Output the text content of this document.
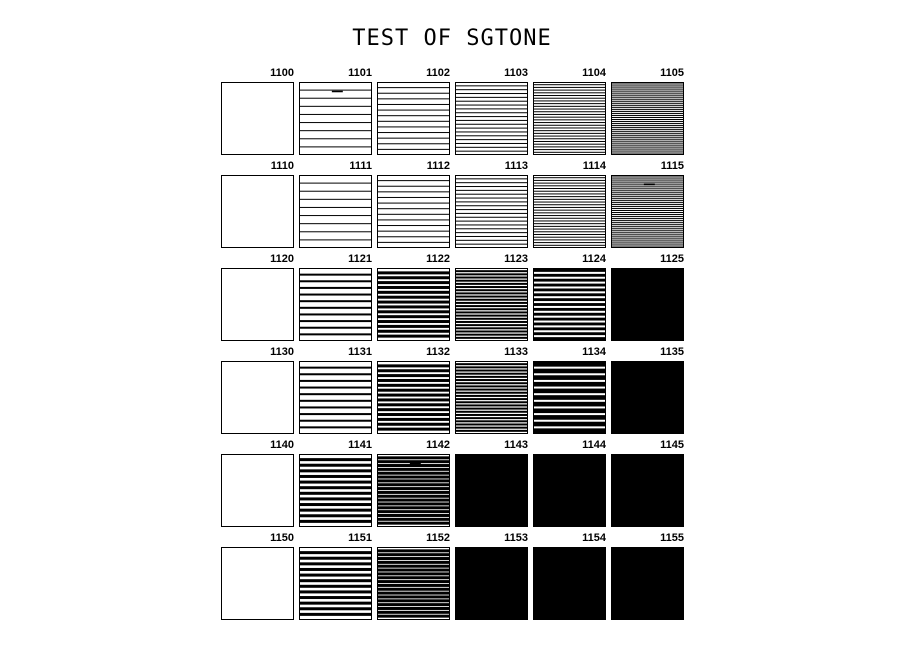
TEST OF SGTONE
1100	1101	1102	1103	1104	1105
1110	1111	1112	1113	1114	1115
1120	1121	1122	1123	1124	1125
1130	1131	1132	1133	1134	1135
1140	1141	1142	1143	1144	1145
1150	1151	1152	1153	1154	1155
